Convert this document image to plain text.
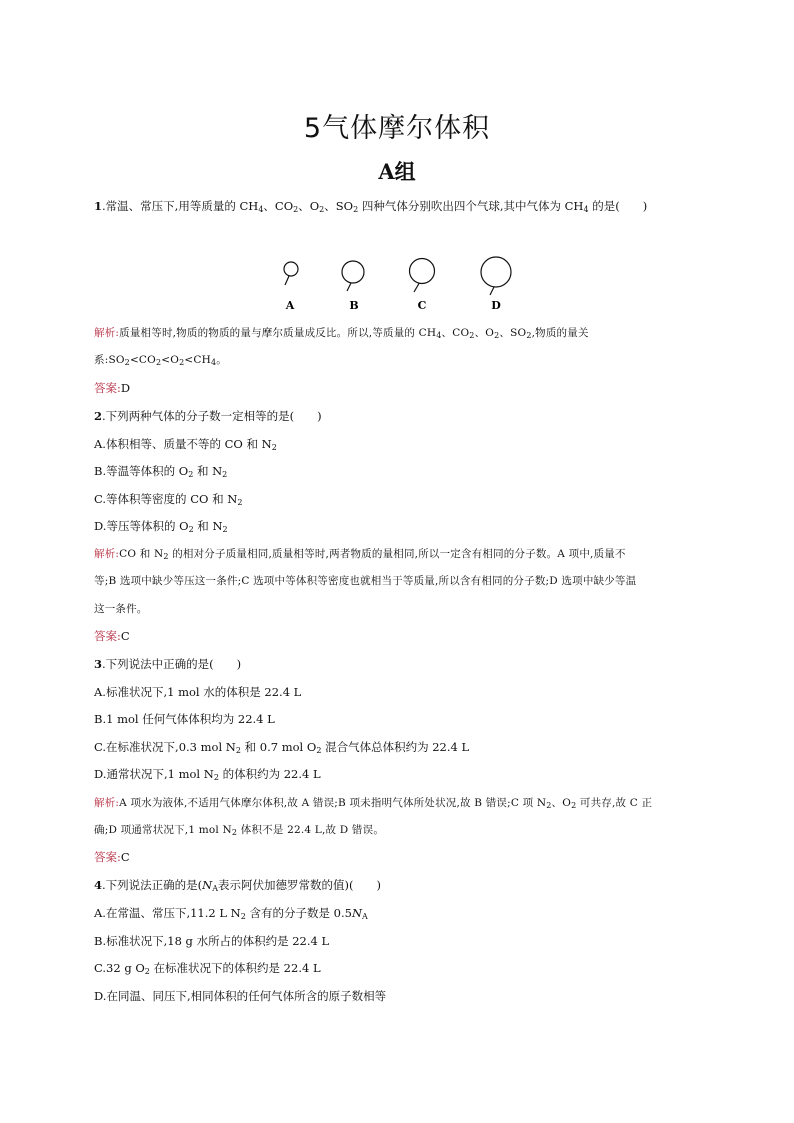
5气体摩尔体积
A组
1.常温、常压下,用等质量的 $CH_4$、$CO_2$、$O_2$、$SO_2$ 四种气体分别吹出四个气球,其中气体为 $CH_4$ 的是(　　)
A	B	C	D
解析:质量相等时,物质的物质的量与摩尔质量成反比。所以,等质量的 $CH_4$、$CO_2$、$O_2$、$SO_2$,物质的量关
系$:SO_2<CO_2<O_2<CH_4$。
答案:D
2.下列两种气体的分子数一定相等的是(　　)
A.体积相等、质量不等的 CO 和 $N_2$
B.等温等体积的 $O_2$ 和 $N_2$
C.等体积等密度的 CO 和 $N_2$
D.等压等体积的 $O_2$ 和 $N_2$
解析:CO 和 $N_2$ 的相对分子质量相同,质量相等时,两者物质的量相同,所以一定含有相同的分子数。A 项中,质量不
等;B 选项中缺少等压这一条件;C 选项中等体积等密度也就相当于等质量,所以含有相同的分子数;D 选项中缺少等温
这一条件。
答案:C
3.下列说法中正确的是(　　)
A.标准状况下,1 mol 水的体积是 22.4 L
B.1 mol 任何气体体积均为 22.4 L
C.在标准状况下,0.3 mol $N_2$ 和 0.7 mol $O_2$ 混合气体总体积约为 22.4 L
D.通常状况下,1 mol $N_2$ 的体积约为 22.4 L
解析:A 项水为液体,不适用气体摩尔体积,故 A 错误;B 项未指明气体所处状况,故 B 错误;C 项 $N_2$、$O_2$ 可共存,故 C 正
确;D 项通常状况下,1 mol $N_2$ 体积不是 22.4 L,故 D 错误。
答案:C
4.下列说法正确的是($N_A$表示阿伏加德罗常数的值)(　　)
A.在常温、常压下,11.2 L $N_2$ 含有的分子数是 $0.5N_A$
B.标准状况下,18 g 水所占的体积约是 22.4 L
C.32 g $O_2$ 在标准状况下的体积约是 22.4 L
D.在同温、同压下,相同体积的任何气体所含的原子数相等
